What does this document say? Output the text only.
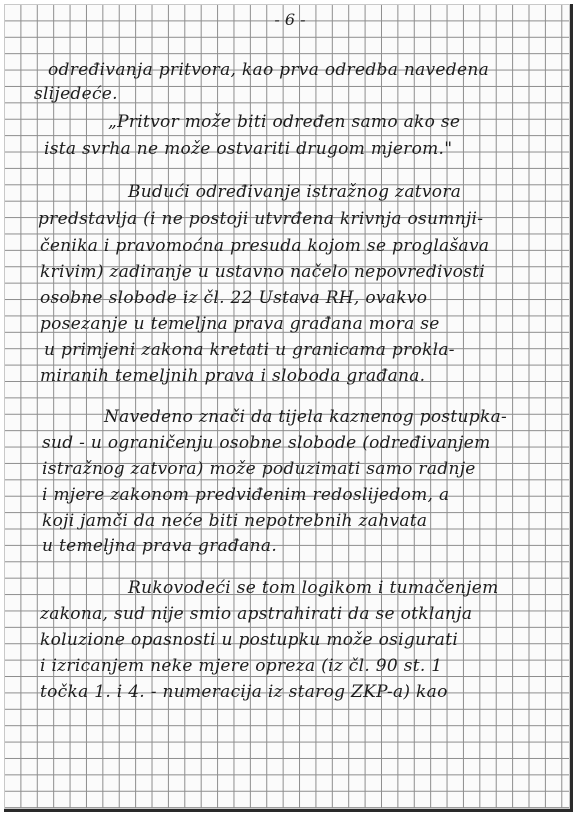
- 6 -
određivanja pritvora, kao prva odredba navedena
slijedeće.
„Pritvor može biti određen samo ako se
ista svrha ne može ostvariti drugom mjerom."
Budući određivanje istražnog zatvora
predstavlja (i ne postoji utvrđena krivnja osumnji-
čenika i pravomoćna presuda kojom se proglašava
krivim) zadiranje u ustavno načelo nepovredivosti
osobne slobode iz čl. 22 Ustava RH, ovakvo
posezanje u temeljna prava građana mora se
u primjeni zakona kretati u granicama prokla-
miranih temeljnih prava i sloboda građana.
Navedeno znači da tijela kaznenog postupka-
sud - u ograničenju osobne slobode (određivanjem
istražnog zatvora) može poduzimati samo radnje
i mjere zakonom predviđenim redoslijedom, a
koji jamči da neće biti nepotrebnih zahvata
u temeljna prava građana.
Rukovodeći se tom logikom i tumačenjem
zakona, sud nije smio apstrahirati da se otklanja
koluzione opasnosti u postupku može osigurati
i izricanjem neke mjere opreza (iz čl. 90 st. 1
točka 1. i 4. - numeracija iz starog ZKP-a) kao
